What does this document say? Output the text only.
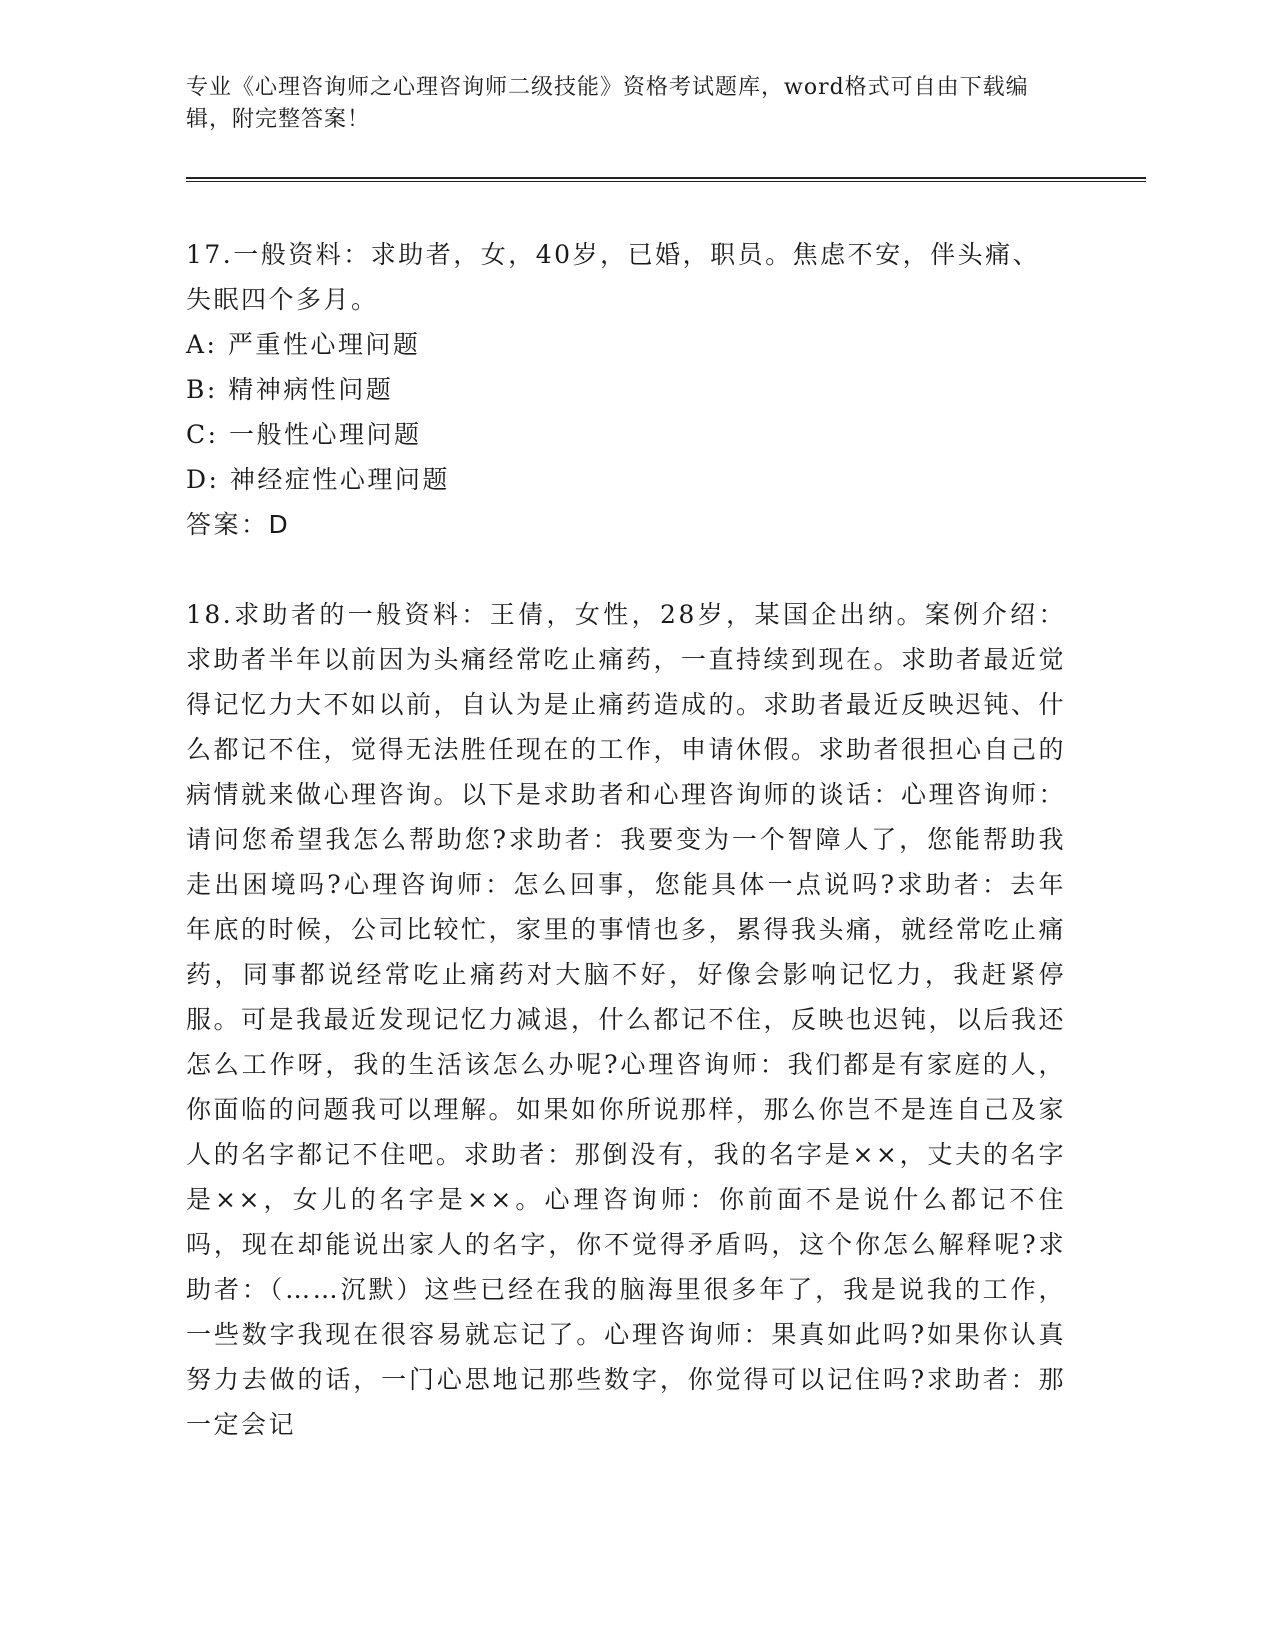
专业《心理咨询师之心理咨询师二级技能》资格考试题库，word格式可自由下载编辑，附完整答案！

17.一般资料：求助者，女，40岁，已婚，职员。焦虑不安，伴头痛、失眠四个多月。

A: 严重性心理问题

B: 精神病性问题

C: 一般性心理问题

D: 神经症性心理问题

答案：D

18.求助者的一般资料：王倩，女性，28岁，某国企出纳。案例介绍：求助者半年以前因为头痛经常吃止痛药，一直持续到现在。求助者最近觉得记忆力大不如以前，自认为是止痛药造成的。求助者最近反映迟钝、什么都记不住，觉得无法胜任现在的工作，申请休假。求助者很担心自己的病情就来做心理咨询。以下是求助者和心理咨询师的谈话：心理咨询师：请问您希望我怎么帮助您?求助者：我要变为一个智障人了，您能帮助我走出困境吗?心理咨询师：怎么回事，您能具体一点说吗?求助者：去年年底的时候，公司比较忙，家里的事情也多，累得我头痛，就经常吃止痛药，同事都说经常吃止痛药对大脑不好，好像会影响记忆力，我赶紧停服。可是我最近发现记忆力减退，什么都记不住，反映也迟钝，以后我还怎么工作呀，我的生活该怎么办呢?心理咨询师：我们都是有家庭的人，你面临的问题我可以理解。如果如你所说那样，那么你岂不是连自己及家人的名字都记不住吧。求助者：那倒没有，我的名字是××，丈夫的名字是××，女儿的名字是××。心理咨询师：你前面不是说什么都记不住吗，现在却能说出家人的名字，你不觉得矛盾吗，这个你怎么解释呢?求助者：（……沉默）这些已经在我的脑海里很多年了，我是说我的工作，一些数字我现在很容易就忘记了。心理咨询师：果真如此吗?如果你认真努力去做的话，一门心思地记那些数字，你觉得可以记住吗?求助者：那一定会记
